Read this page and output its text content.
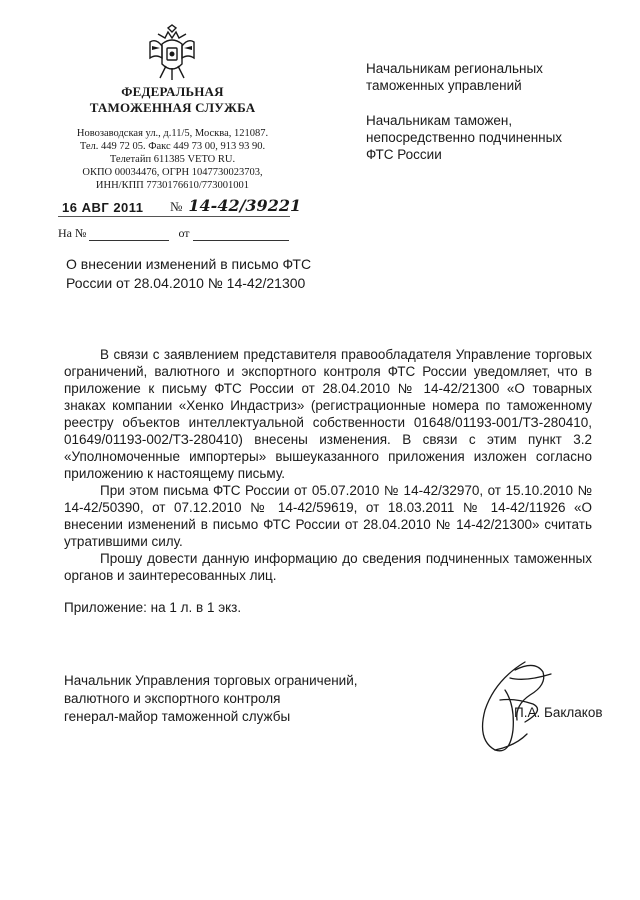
ФЕДЕРАЛЬНАЯ
ТАМОЖЕННАЯ СЛУЖБА
Новозаводская ул., д.11/5, Москва, 121087.
Тел. 449 72 05. Факс 449 73 00, 913 93 90.
Телетайп 611385 VETO RU.
ОКПО 00034476, ОГРН 1047730023703,
ИНН/КПП 7730176610/773001001
Начальникам региональных
таможенных управлений
Начальникам таможен,
непосредственно подчиненных
ФТС России
16 АВГ 2011 № 14-42/39221
На №	от
О внесении изменений в письмо ФТС
России от 28.04.2010 № 14-42/21300

В связи с заявлением представителя правообладателя Управление торговых ограничений, валютного и экспортного контроля ФТС России уведомляет, что в приложение к письму ФТС России от 28.04.2010 № 14-42/21300 «О товарных знаках компании «Хенко Индастриз» (регистрационные номера по таможенному реестру объектов интеллектуальной собственности 01648/01193-001/ТЗ-280410, 01649/01193-002/ТЗ-280410) внесены изменения. В связи с этим пункт 3.2 «Уполномоченные импортеры» вышеуказанного приложения изложен согласно приложению к настоящему письму.

При этом письма ФТС России от 05.07.2010 № 14-42/32970, от 15.10.2010 № 14-42/50390, от 07.12.2010 № 14-42/59619, от 18.03.2011 № 14-42/11926 «О внесении изменений в письмо ФТС России от 28.04.2010 № 14-42/21300» считать утратившими силу.

Прошу довести данную информацию до сведения подчиненных таможенных органов и заинтересованных лиц.

Приложение: на 1 л. в 1 экз.
Начальник Управления торговых ограничений,
валютного и экспортного контроля
генерал-майор таможенной службы	П.А. Баклаков
